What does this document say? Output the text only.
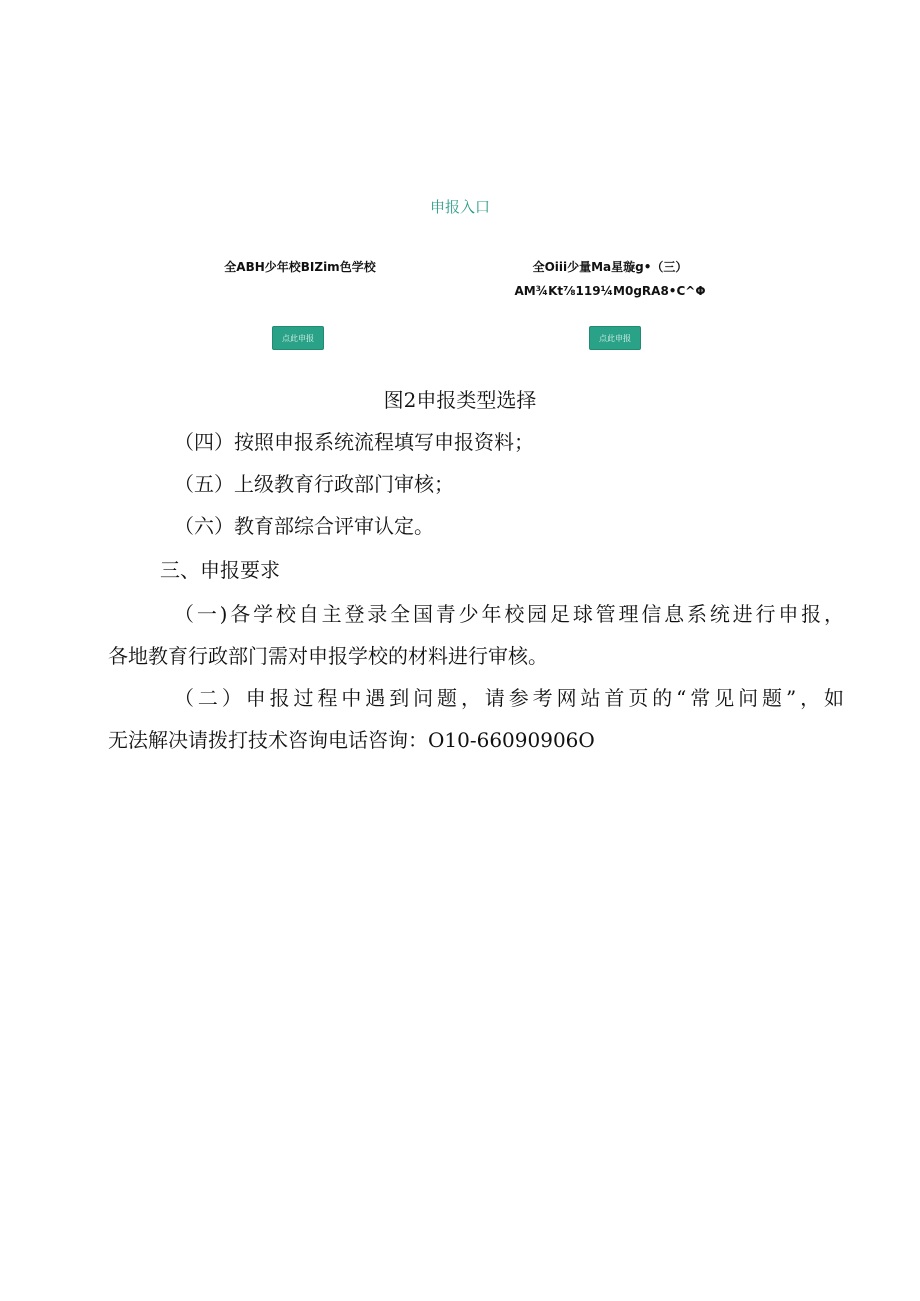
申报入口
全ABH少年校BIZim色学校	全Oiii少量Ma星璇g•（三）
AM¾Kt⅞119¼M0gRA8•C^Φ
点此申报	点此申报
图2申报类型选择
（四）按照申报系统流程填写申报资料；
（五）上级教育行政部门审核；
（六）教育部综合评审认定。
三、申报要求
（一)各学校自主登录全国青少年校园足球管理信息系统进行申报，
各地教育行政部门需对申报学校的材料进行审核。
（二）申报过程中遇到问题，请参考网站首页的“常见问题”，如
无法解决请拨打技术咨询电话咨询：O10-66090906O
